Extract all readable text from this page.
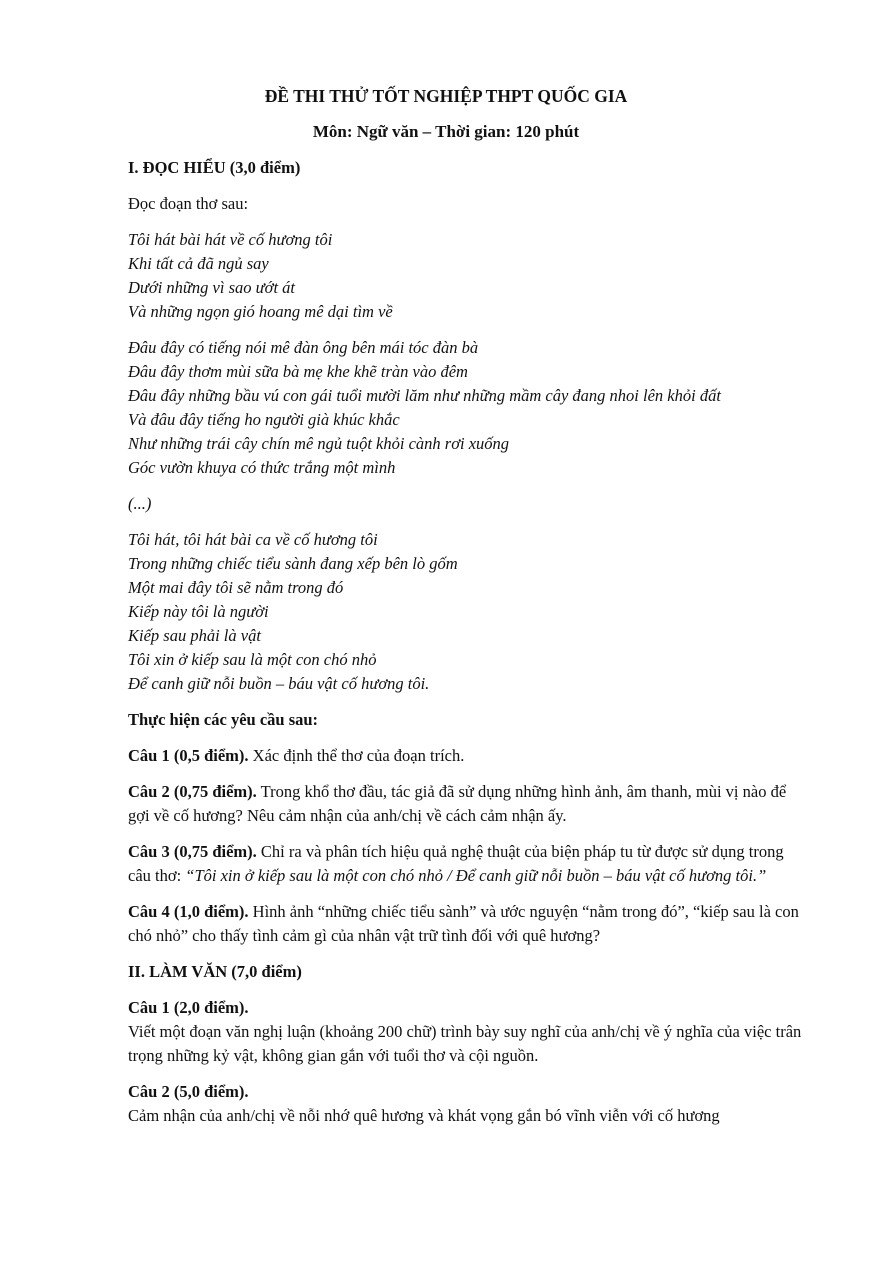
ĐỀ THI THỬ TỐT NGHIỆP THPT QUỐC GIA
Môn: Ngữ văn – Thời gian: 120 phút
I. ĐỌC HIỂU (3,0 điểm)

Đọc đoạn thơ sau:

Tôi hát bài hát về cố hương tôi
Khi tất cả đã ngủ say
Dưới những vì sao ướt át
Và những ngọn gió hoang mê dại tìm về
Đâu đây có tiếng nói mê đàn ông bên mái tóc đàn bà
Đâu đây thơm mùi sữa bà mẹ khe khẽ tràn vào đêm
Đâu đây những bầu vú con gái tuổi mười lăm như những mầm cây đang nhoi lên khỏi đất
Và đâu đây tiếng ho người già khúc khắc
Như những trái cây chín mê ngủ tuột khỏi cành rơi xuống
Góc vườn khuya có thức trắng một mình
(...)
Tôi hát, tôi hát bài ca về cố hương tôi
Trong những chiếc tiểu sành đang xếp bên lò gốm
Một mai đây tôi sẽ nằm trong đó
Kiếp này tôi là người
Kiếp sau phải là vật
Tôi xin ở kiếp sau là một con chó nhỏ
Để canh giữ nỗi buồn – báu vật cố hương tôi.
Thực hiện các yêu cầu sau:
Câu 1 (0,5 điểm). Xác định thể thơ của đoạn trích.
Câu 2 (0,75 điểm). Trong khổ thơ đầu, tác giả đã sử dụng những hình ảnh, âm thanh, mùi vị nào để gợi về cố hương? Nêu cảm nhận của anh/chị về cách cảm nhận ấy.
Câu 3 (0,75 điểm). Chỉ ra và phân tích hiệu quả nghệ thuật của biện pháp tu từ được sử dụng trong câu thơ: “Tôi xin ở kiếp sau là một con chó nhỏ / Để canh giữ nỗi buồn – báu vật cố hương tôi.”
Câu 4 (1,0 điểm). Hình ảnh “những chiếc tiểu sành” và ước nguyện “nằm trong đó”, “kiếp sau là con chó nhỏ” cho thấy tình cảm gì của nhân vật trữ tình đối với quê hương?
II. LÀM VĂN (7,0 điểm)
Câu 1 (2,0 điểm).
Viết một đoạn văn nghị luận (khoảng 200 chữ) trình bày suy nghĩ của anh/chị về ý nghĩa của việc trân trọng những kỷ vật, không gian gắn với tuổi thơ và cội nguồn.
Câu 2 (5,0 điểm).
Cảm nhận của anh/chị về nỗi nhớ quê hương và khát vọng gắn bó vĩnh viễn với cố hương
